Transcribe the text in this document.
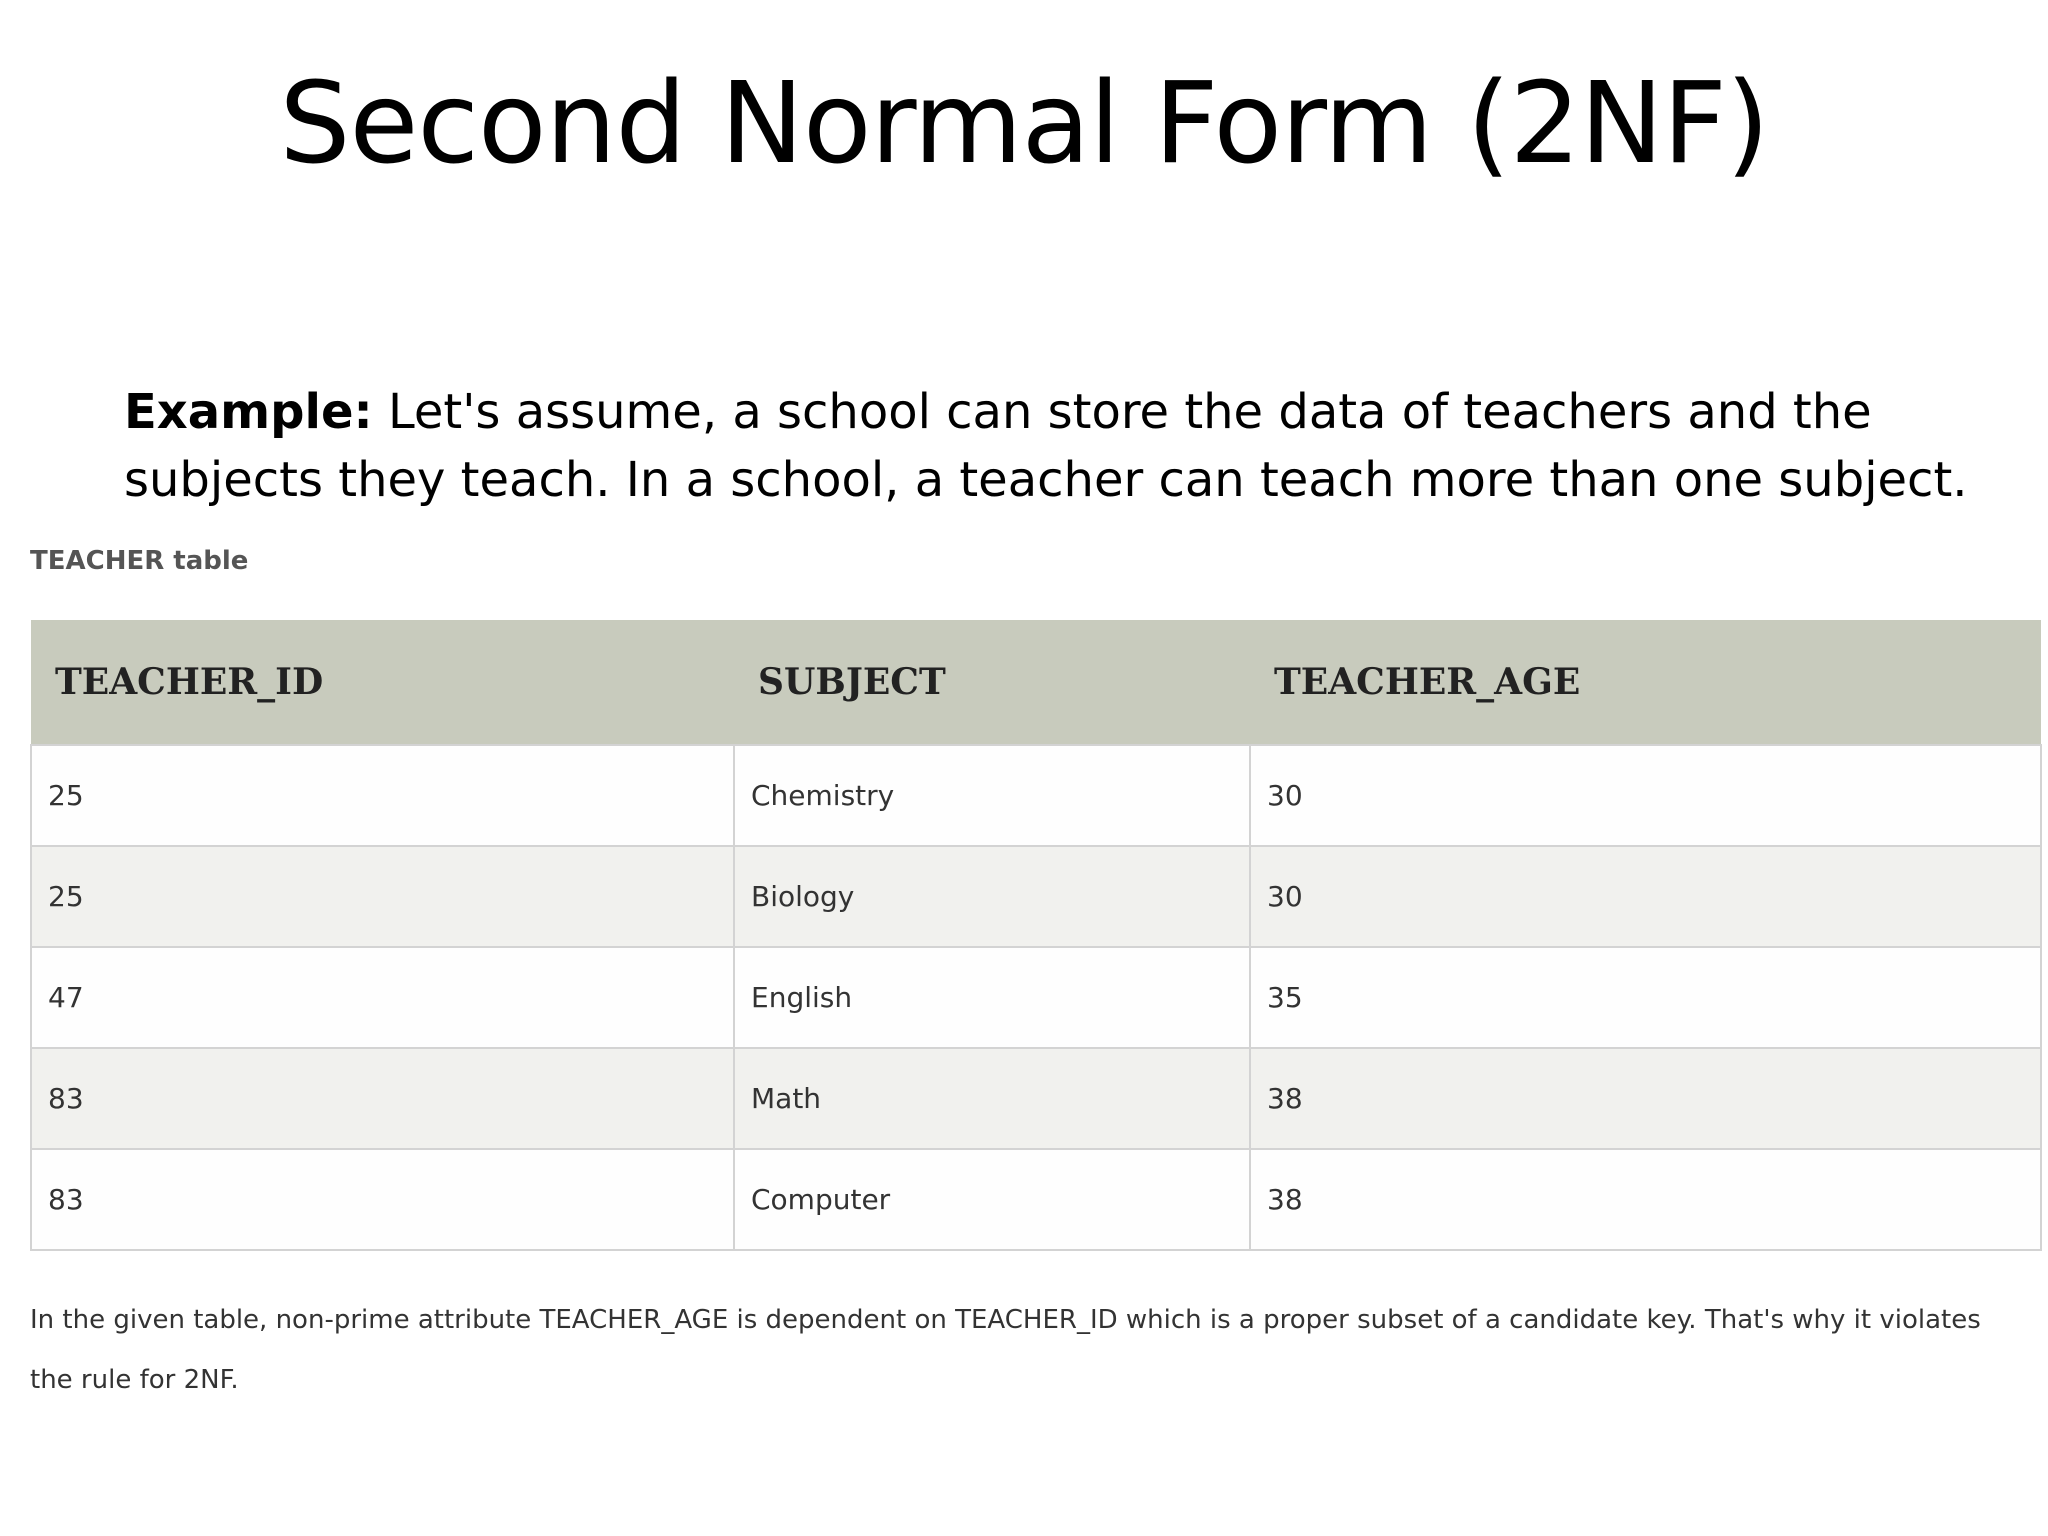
Second Normal Form (2NF)

Example: Let's assume, a school can store the data of teachers and the subjects they teach. In a school, a teacher can teach more than one subject.

TEACHER table

TEACHER_ID	SUBJECT	TEACHER_AGE
25	Chemistry	30
25	Biology	30
47	English	35
83	Math	38
83	Computer	38

In the given table, non-prime attribute TEACHER_AGE is dependent on TEACHER_ID which is a proper subset of a candidate key. That's why it violates the rule for 2NF.
